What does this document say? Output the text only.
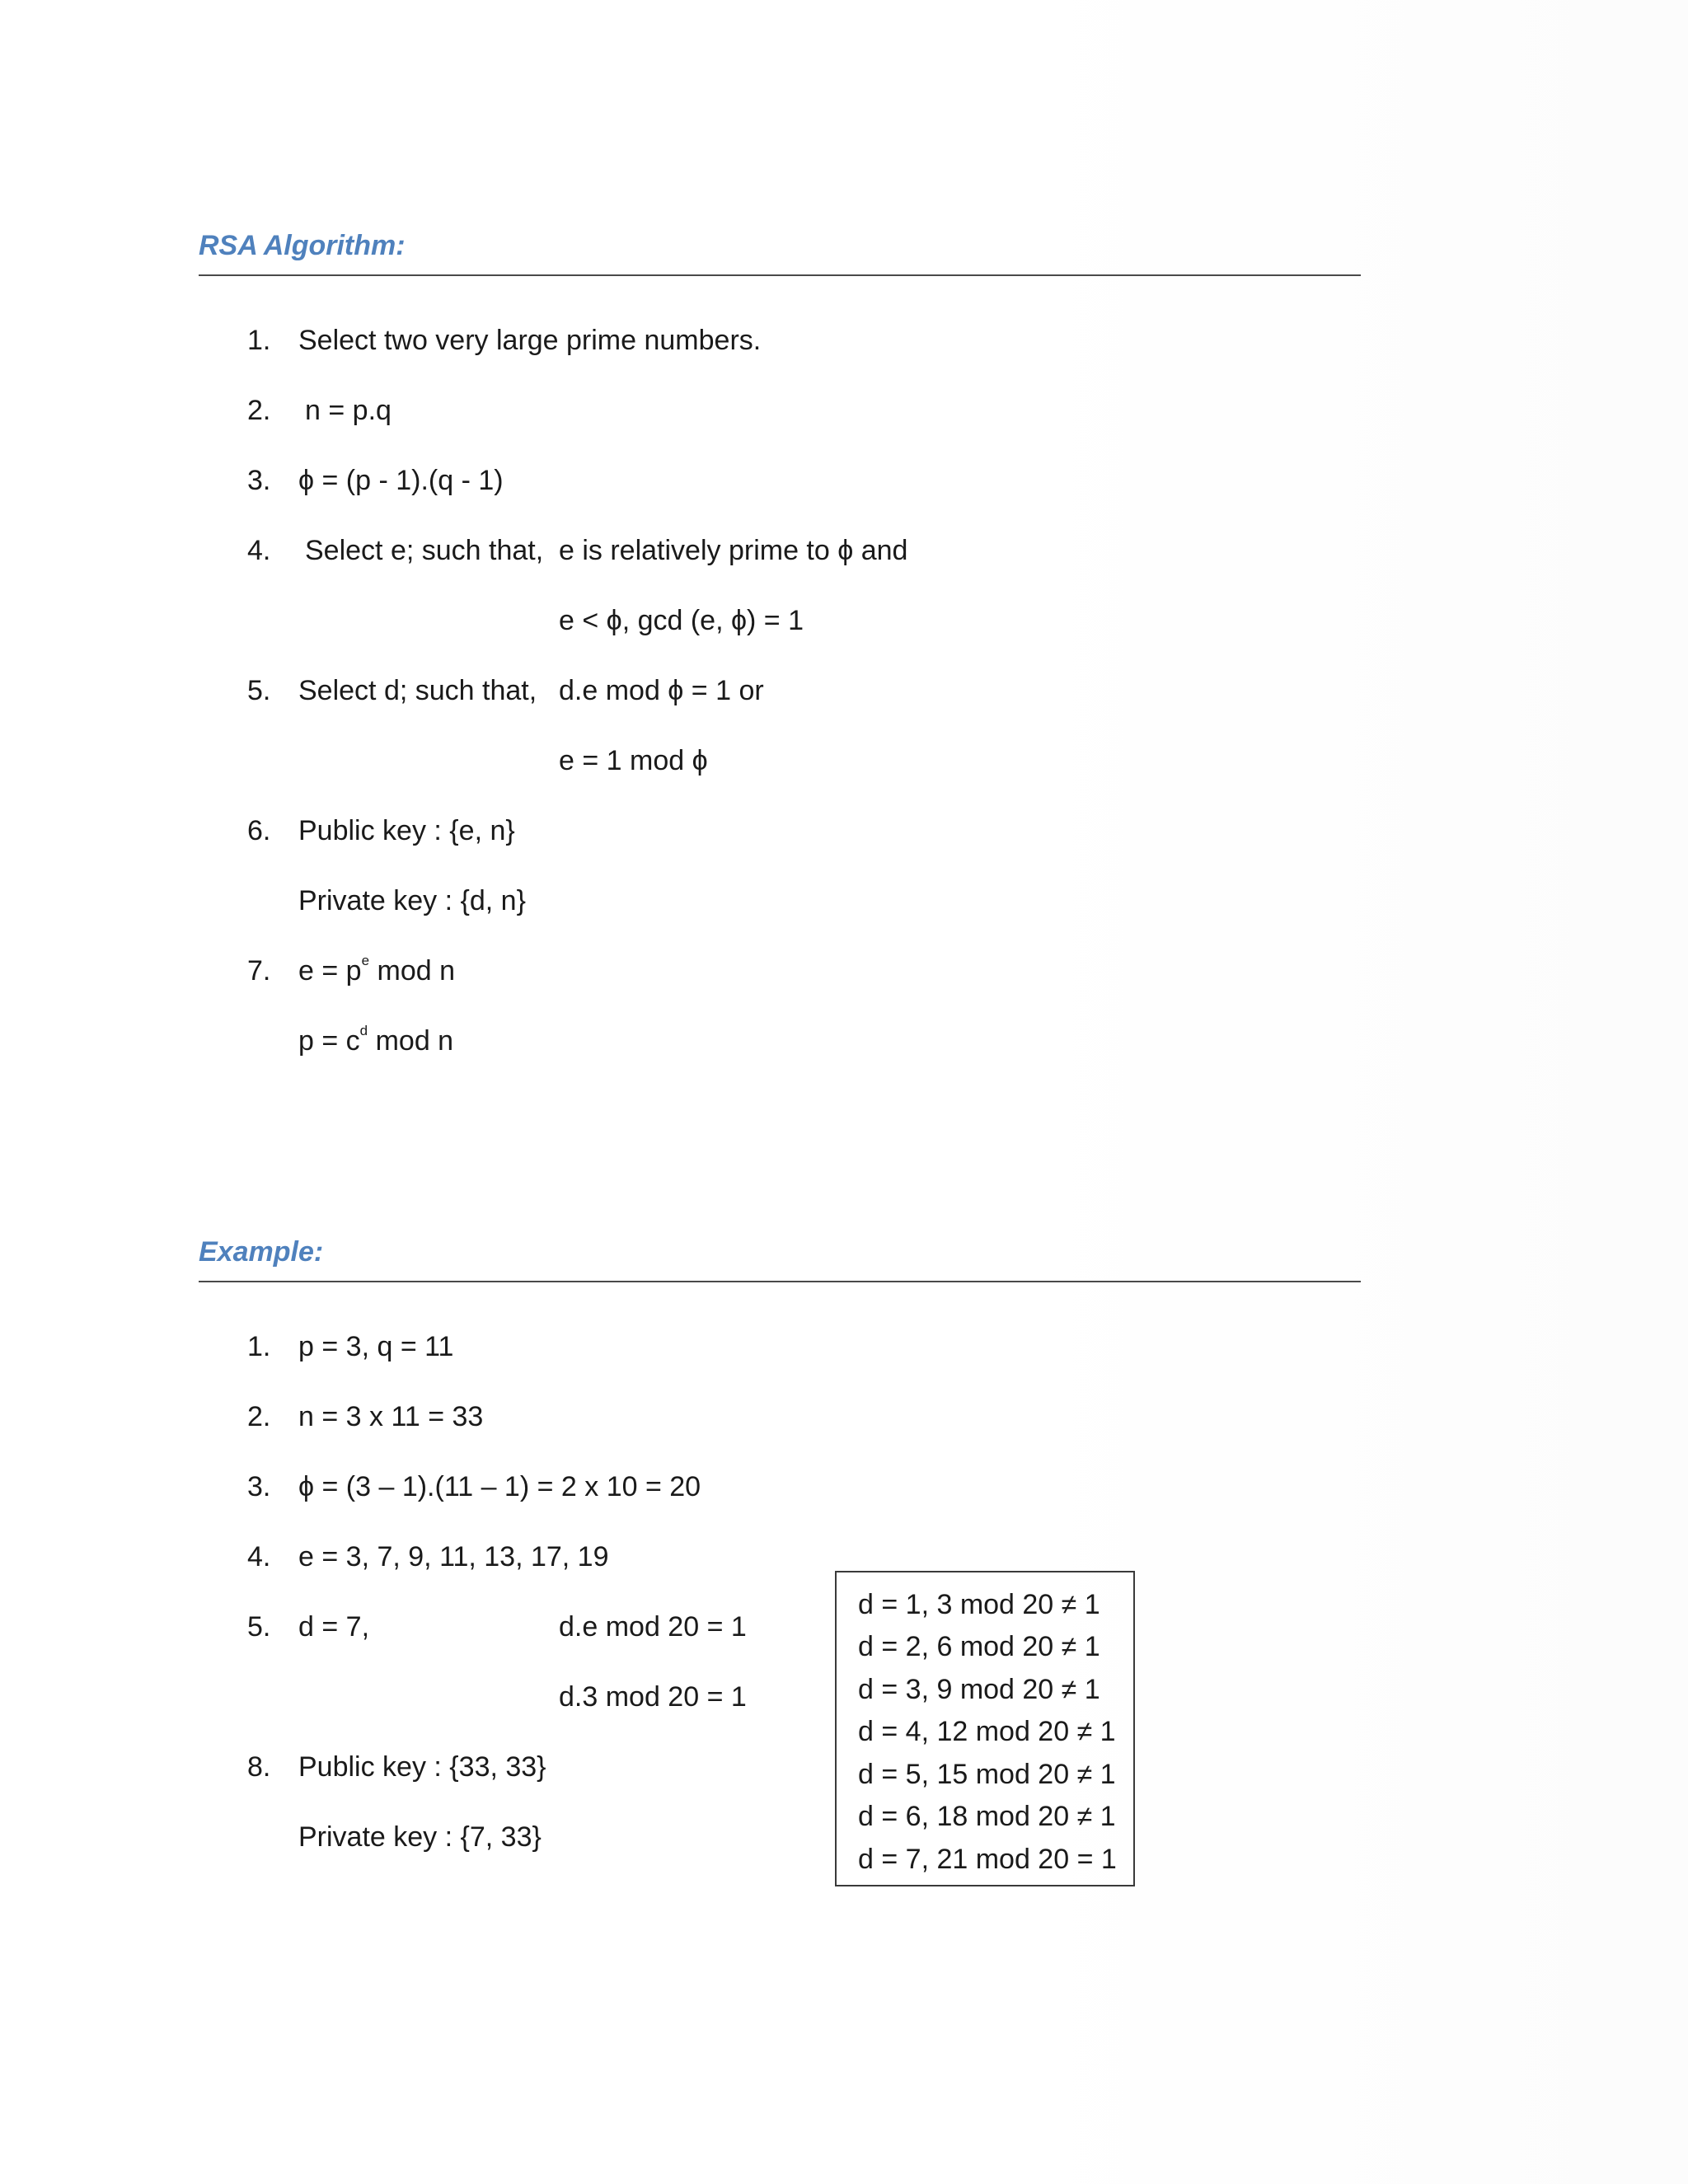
RSA Algorithm:
1. Select two very large prime numbers.
2. n = p.q
3. ϕ = (p - 1).(q - 1)
4. Select e; such that, e is relatively prime to ϕ and
e < ϕ, gcd (e, ϕ) = 1
5. Select d; such that, d.e mod ϕ = 1 or
e = 1 mod ϕ
6. Public key : {e, n}
Private key : {d, n}
7. $e = p^e$ mod n
$p = c^d$ mod n
Example:
1. p = 3, q = 11
2. n = 3 x 11 = 33
3. ϕ = (3 – 1).(11 – 1) = 2 x 10 = 20
4. e = 3, 7, 9, 11, 13, 17, 19
5. d = 7,	d.e mod 20 = 1
d.3 mod 20 = 1
8. Public key : {33, 33}
Private key : {7, 33}
d = 1, 3 mod 20 ≠ 1
d = 2, 6 mod 20 ≠ 1
d = 3, 9 mod 20 ≠ 1
d = 4, 12 mod 20 ≠ 1
d = 5, 15 mod 20 ≠ 1
d = 6, 18 mod 20 ≠ 1
d = 7, 21 mod 20 = 1
